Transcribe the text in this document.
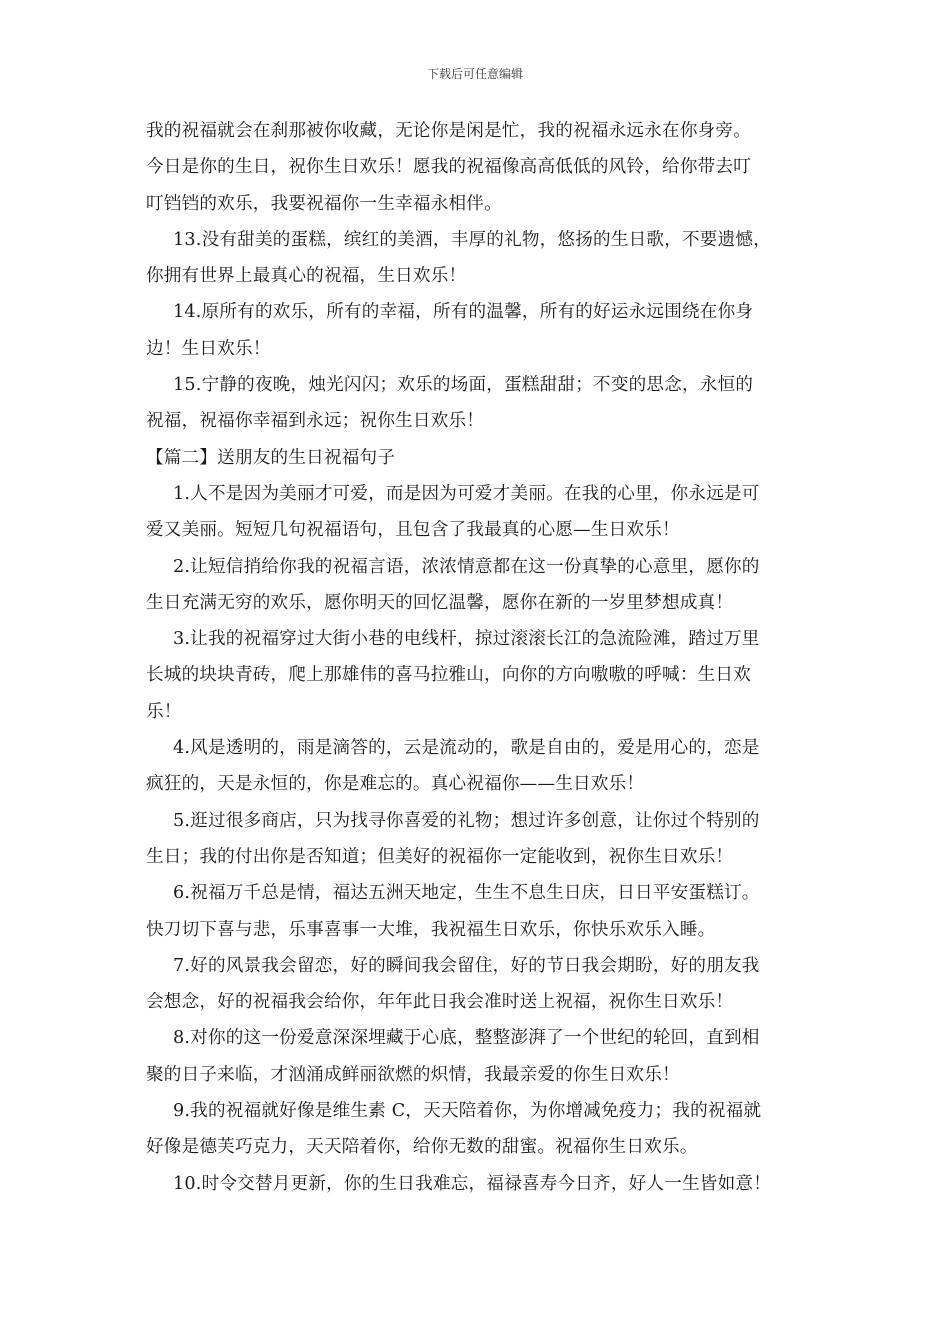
下载后可任意编辑
我的祝福就会在刹那被你收藏，无论你是闲是忙，我的祝福永远永在你身旁。
今日是你的生日，祝你生日欢乐！愿我的祝福像高高低低的风铃，给你带去叮
叮铛铛的欢乐，我要祝福你一生幸福永相伴。
13.没有甜美的蛋糕，缤红的美酒，丰厚的礼物，悠扬的生日歌，不要遗憾，
你拥有世界上最真心的祝福，生日欢乐！
14.原所有的欢乐，所有的幸福，所有的温馨，所有的好运永远围绕在你身
边！生日欢乐！
15.宁静的夜晚，烛光闪闪；欢乐的场面，蛋糕甜甜；不变的思念，永恒的
祝福，祝福你幸福到永远；祝你生日欢乐！
【篇二】送朋友的生日祝福句子
1.人不是因为美丽才可爱，而是因为可爱才美丽。在我的心里，你永远是可
爱又美丽。短短几句祝福语句，且包含了我最真的心愿—生日欢乐！
2.让短信捎给你我的祝福言语，浓浓情意都在这一份真挚的心意里，愿你的
生日充满无穷的欢乐，愿你明天的回忆温馨，愿你在新的一岁里梦想成真！
3.让我的祝福穿过大街小巷的电线杆，掠过滚滚长江的急流险滩，踏过万里
长城的块块青砖，爬上那雄伟的喜马拉雅山，向你的方向嗷嗷的呼喊：生日欢
乐！
4.风是透明的，雨是滴答的，云是流动的，歌是自由的，爱是用心的，恋是
疯狂的，天是永恒的，你是难忘的。真心祝福你——生日欢乐！
5.逛过很多商店，只为找寻你喜爱的礼物；想过许多创意，让你过个特别的
生日；我的付出你是否知道；但美好的祝福你一定能收到，祝你生日欢乐！
6.祝福万千总是情，福达五洲天地定，生生不息生日庆，日日平安蛋糕订。
快刀切下喜与悲，乐事喜事一大堆，我祝福生日欢乐，你快乐欢乐入睡。
7.好的风景我会留恋，好的瞬间我会留住，好的节日我会期盼，好的朋友我
会想念，好的祝福我会给你，年年此日我会准时送上祝福，祝你生日欢乐！
8.对你的这一份爱意深深埋藏于心底，整整澎湃了一个世纪的轮回，直到相
聚的日子来临，才汹涌成鲜丽欲燃的炽情，我最亲爱的你生日欢乐！
9.我的祝福就好像是维生素 C，天天陪着你，为你增减免疫力；我的祝福就
好像是德芙巧克力，天天陪着你，给你无数的甜蜜。祝福你生日欢乐。
10.时令交替月更新，你的生日我难忘，福禄喜寿今日齐，好人一生皆如意！
